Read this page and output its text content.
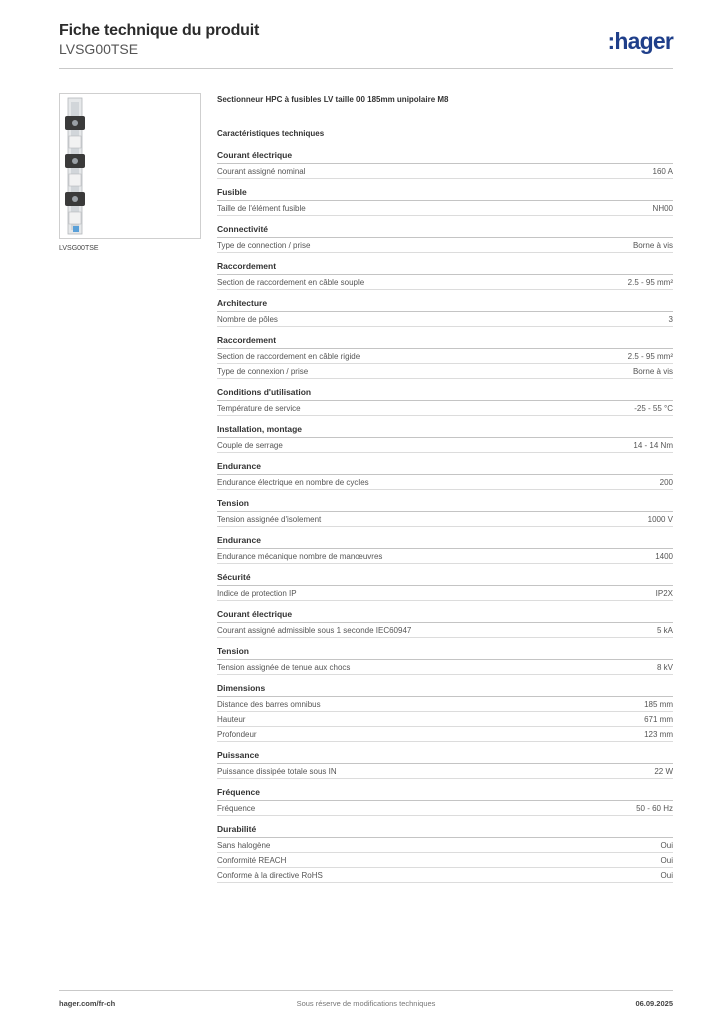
Fiche technique du produit
LVSG00TSE	:hager
LVSG00TSE
Sectionneur HPC à fusibles LV taille 00 185mm unipolaire M8
Caractéristiques techniques
Courant électrique
Courant assigné nominal	160 A
Fusible
Taille de l'élément fusible	NH00
Connectivité
Type de connection / prise	Borne à vis
Raccordement
Section de raccordement en câble souple	2.5 - 95 mm²
Architecture
Nombre de pôles	3
Raccordement
Section de raccordement en câble rigide	2.5 - 95 mm²
Type de connexion / prise	Borne à vis
Conditions d'utilisation
Température de service	-25 - 55 °C
Installation, montage
Couple de serrage	14 - 14 Nm
Endurance
Endurance électrique en nombre de cycles	200
Tension
Tension assignée d'isolement	1000 V
Endurance
Endurance mécanique nombre de manœuvres	1400
Sécurité
Indice de protection IP	IP2X
Courant électrique
Courant assigné admissible sous 1 seconde IEC60947	5 kA
Tension
Tension assignée de tenue aux chocs	8 kV
Dimensions
Distance des barres omnibus	185 mm
Hauteur	671 mm
Profondeur	123 mm
Puissance
Puissance dissipée totale sous IN	22 W
Fréquence
Fréquence	50 - 60 Hz
Durabilité
Sans halogène	Oui
Conformité REACH	Oui
Conforme à la directive RoHS	Oui
hager.com/fr-ch	Sous réserve de modifications techniques	06.09.2025
